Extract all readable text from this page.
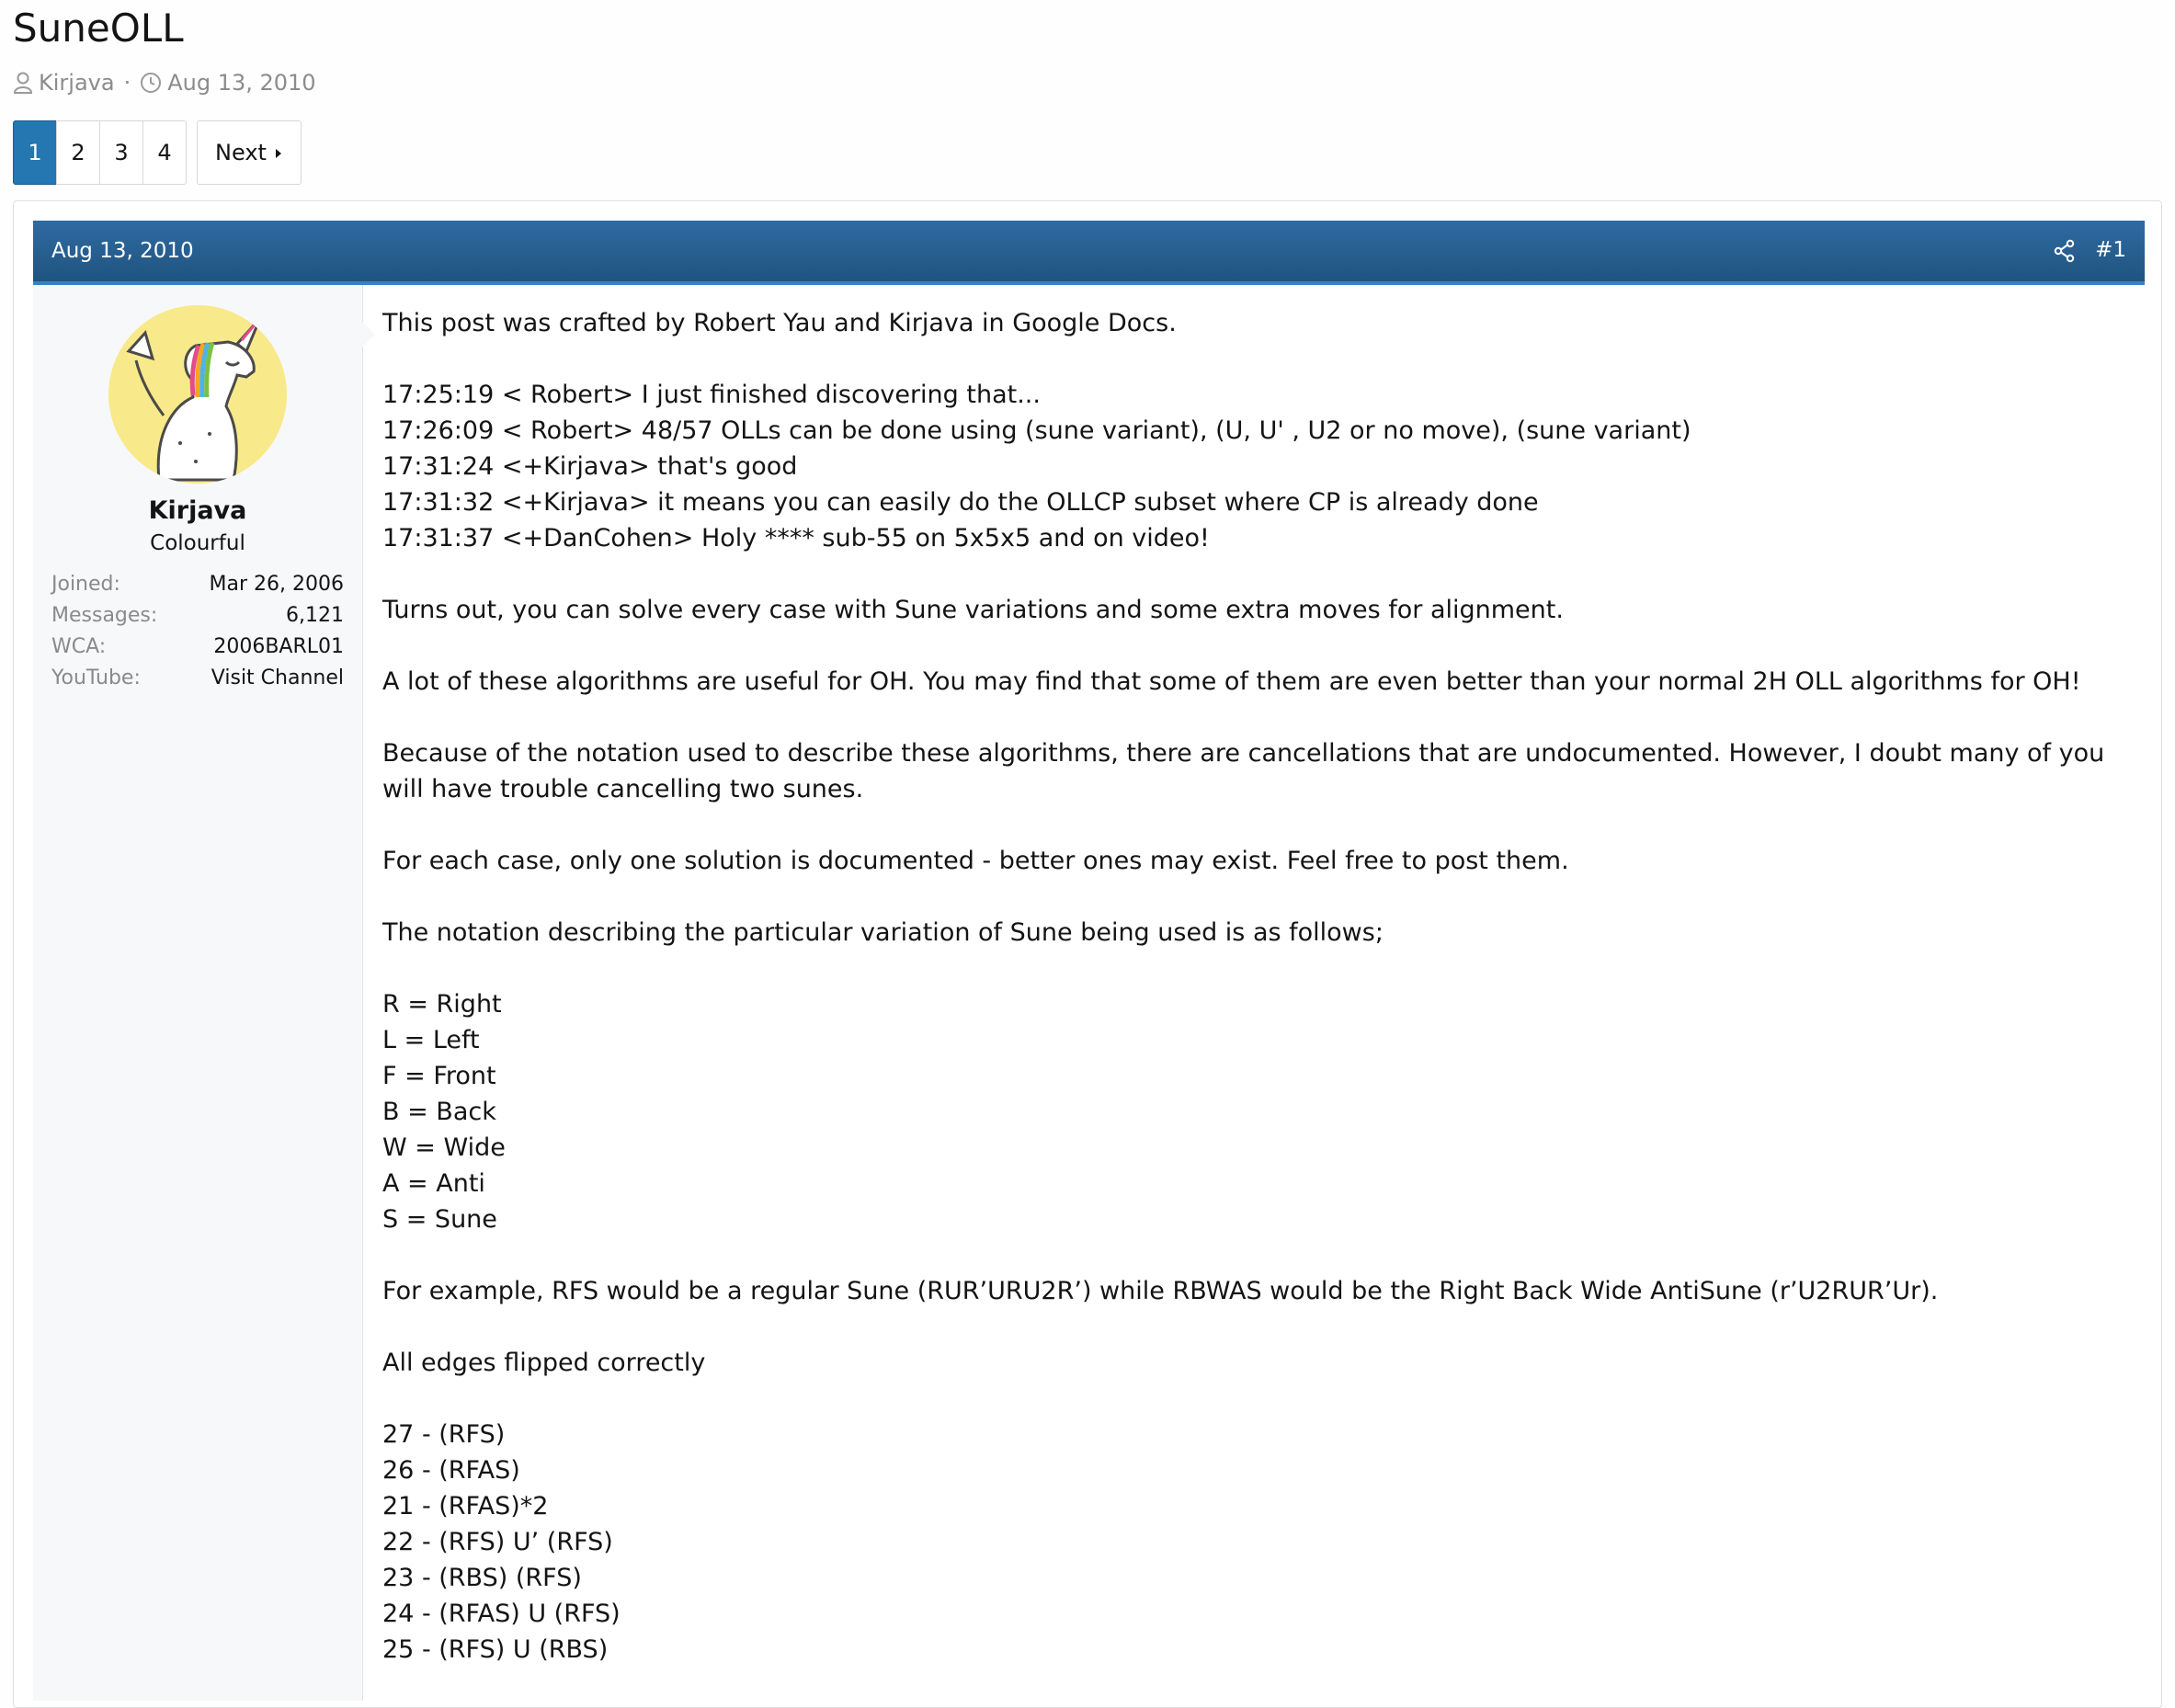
SuneOLL
Kirjava · Aug 13, 2010
1	2	3	4	Next
Aug 13, 2010	#1
Kirjava
Colourful
Joined:	Mar 26, 2006
Messages:	6,121
WCA:	2006BARL01
YouTube:	Visit Channel

This post was crafted by Robert Yau and Kirjava in Google Docs.

17:25:19 < Robert> I just finished discovering that...
17:26:09 < Robert> 48/57 OLLs can be done using (sune variant), (U, U' , U2 or no move), (sune variant)
17:31:24 <+Kirjava> that's good
17:31:32 <+Kirjava> it means you can easily do the OLLCP subset where CP is already done
17:31:37 <+DanCohen> Holy **** sub-55 on 5x5x5 and on video!

Turns out, you can solve every case with Sune variations and some extra moves for alignment.

A lot of these algorithms are useful for OH. You may find that some of them are even better than your normal 2H OLL algorithms for OH!

Because of the notation used to describe these algorithms, there are cancellations that are undocumented. However, I doubt many of you will have trouble cancelling two sunes.

For each case, only one solution is documented - better ones may exist. Feel free to post them.

The notation describing the particular variation of Sune being used is as follows;

R = Right
L = Left
F = Front
B = Back
W = Wide
A = Anti
S = Sune

For example, RFS would be a regular Sune (RUR’URU2R’) while RBWAS would be the Right Back Wide AntiSune (r’U2RUR’Ur).

All edges flipped correctly

27 - (RFS)
26 - (RFAS)
21 - (RFAS)*2
22 - (RFS) U’ (RFS)
23 - (RBS) (RFS)
24 - (RFAS) U (RFS)
25 - (RFS) U (RBS)
